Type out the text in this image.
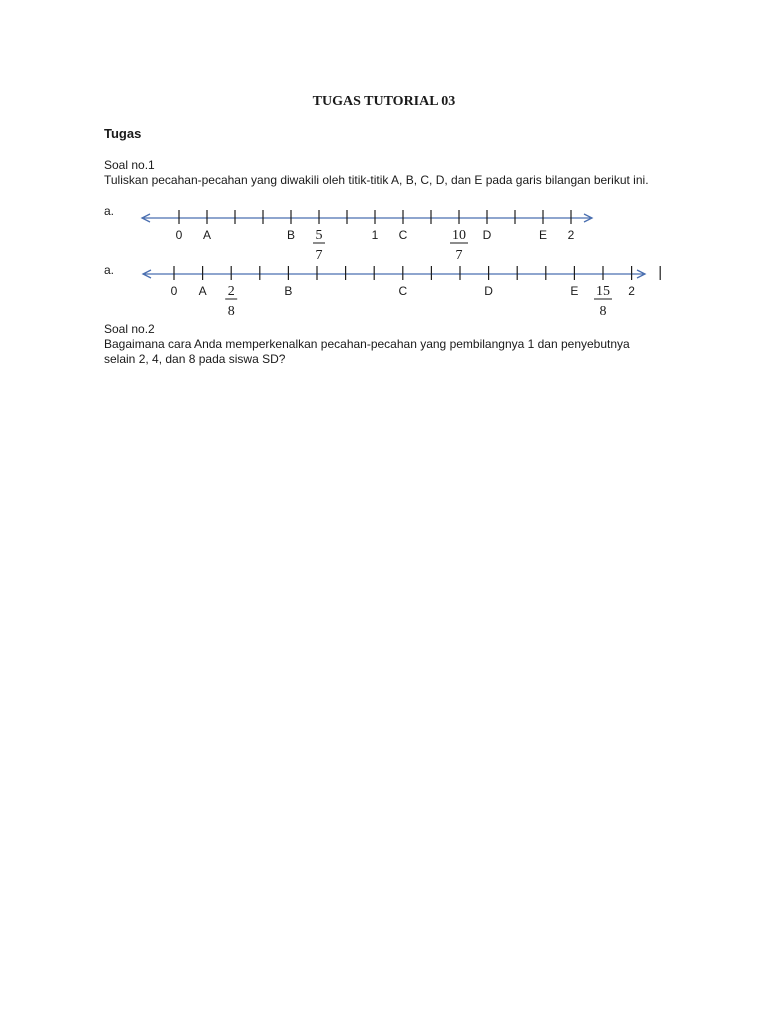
TUGAS TUTORIAL 03
Tugas
Soal no.1
Tuliskan pecahan-pecahan yang diwakili oleh titik-titik A, B, C, D, dan E pada garis bilangan berikut ini.
a.
0 A	B 5
7
1 C	10
7
D	E 2
a.
0 A 2
8
B	C	D	E 15
8
2
Soal no.2
Bagaimana cara Anda memperkenalkan pecahan-pecahan yang pembilangnya 1 dan penyebutnya selain 2, 4, dan 8 pada siswa SD?
